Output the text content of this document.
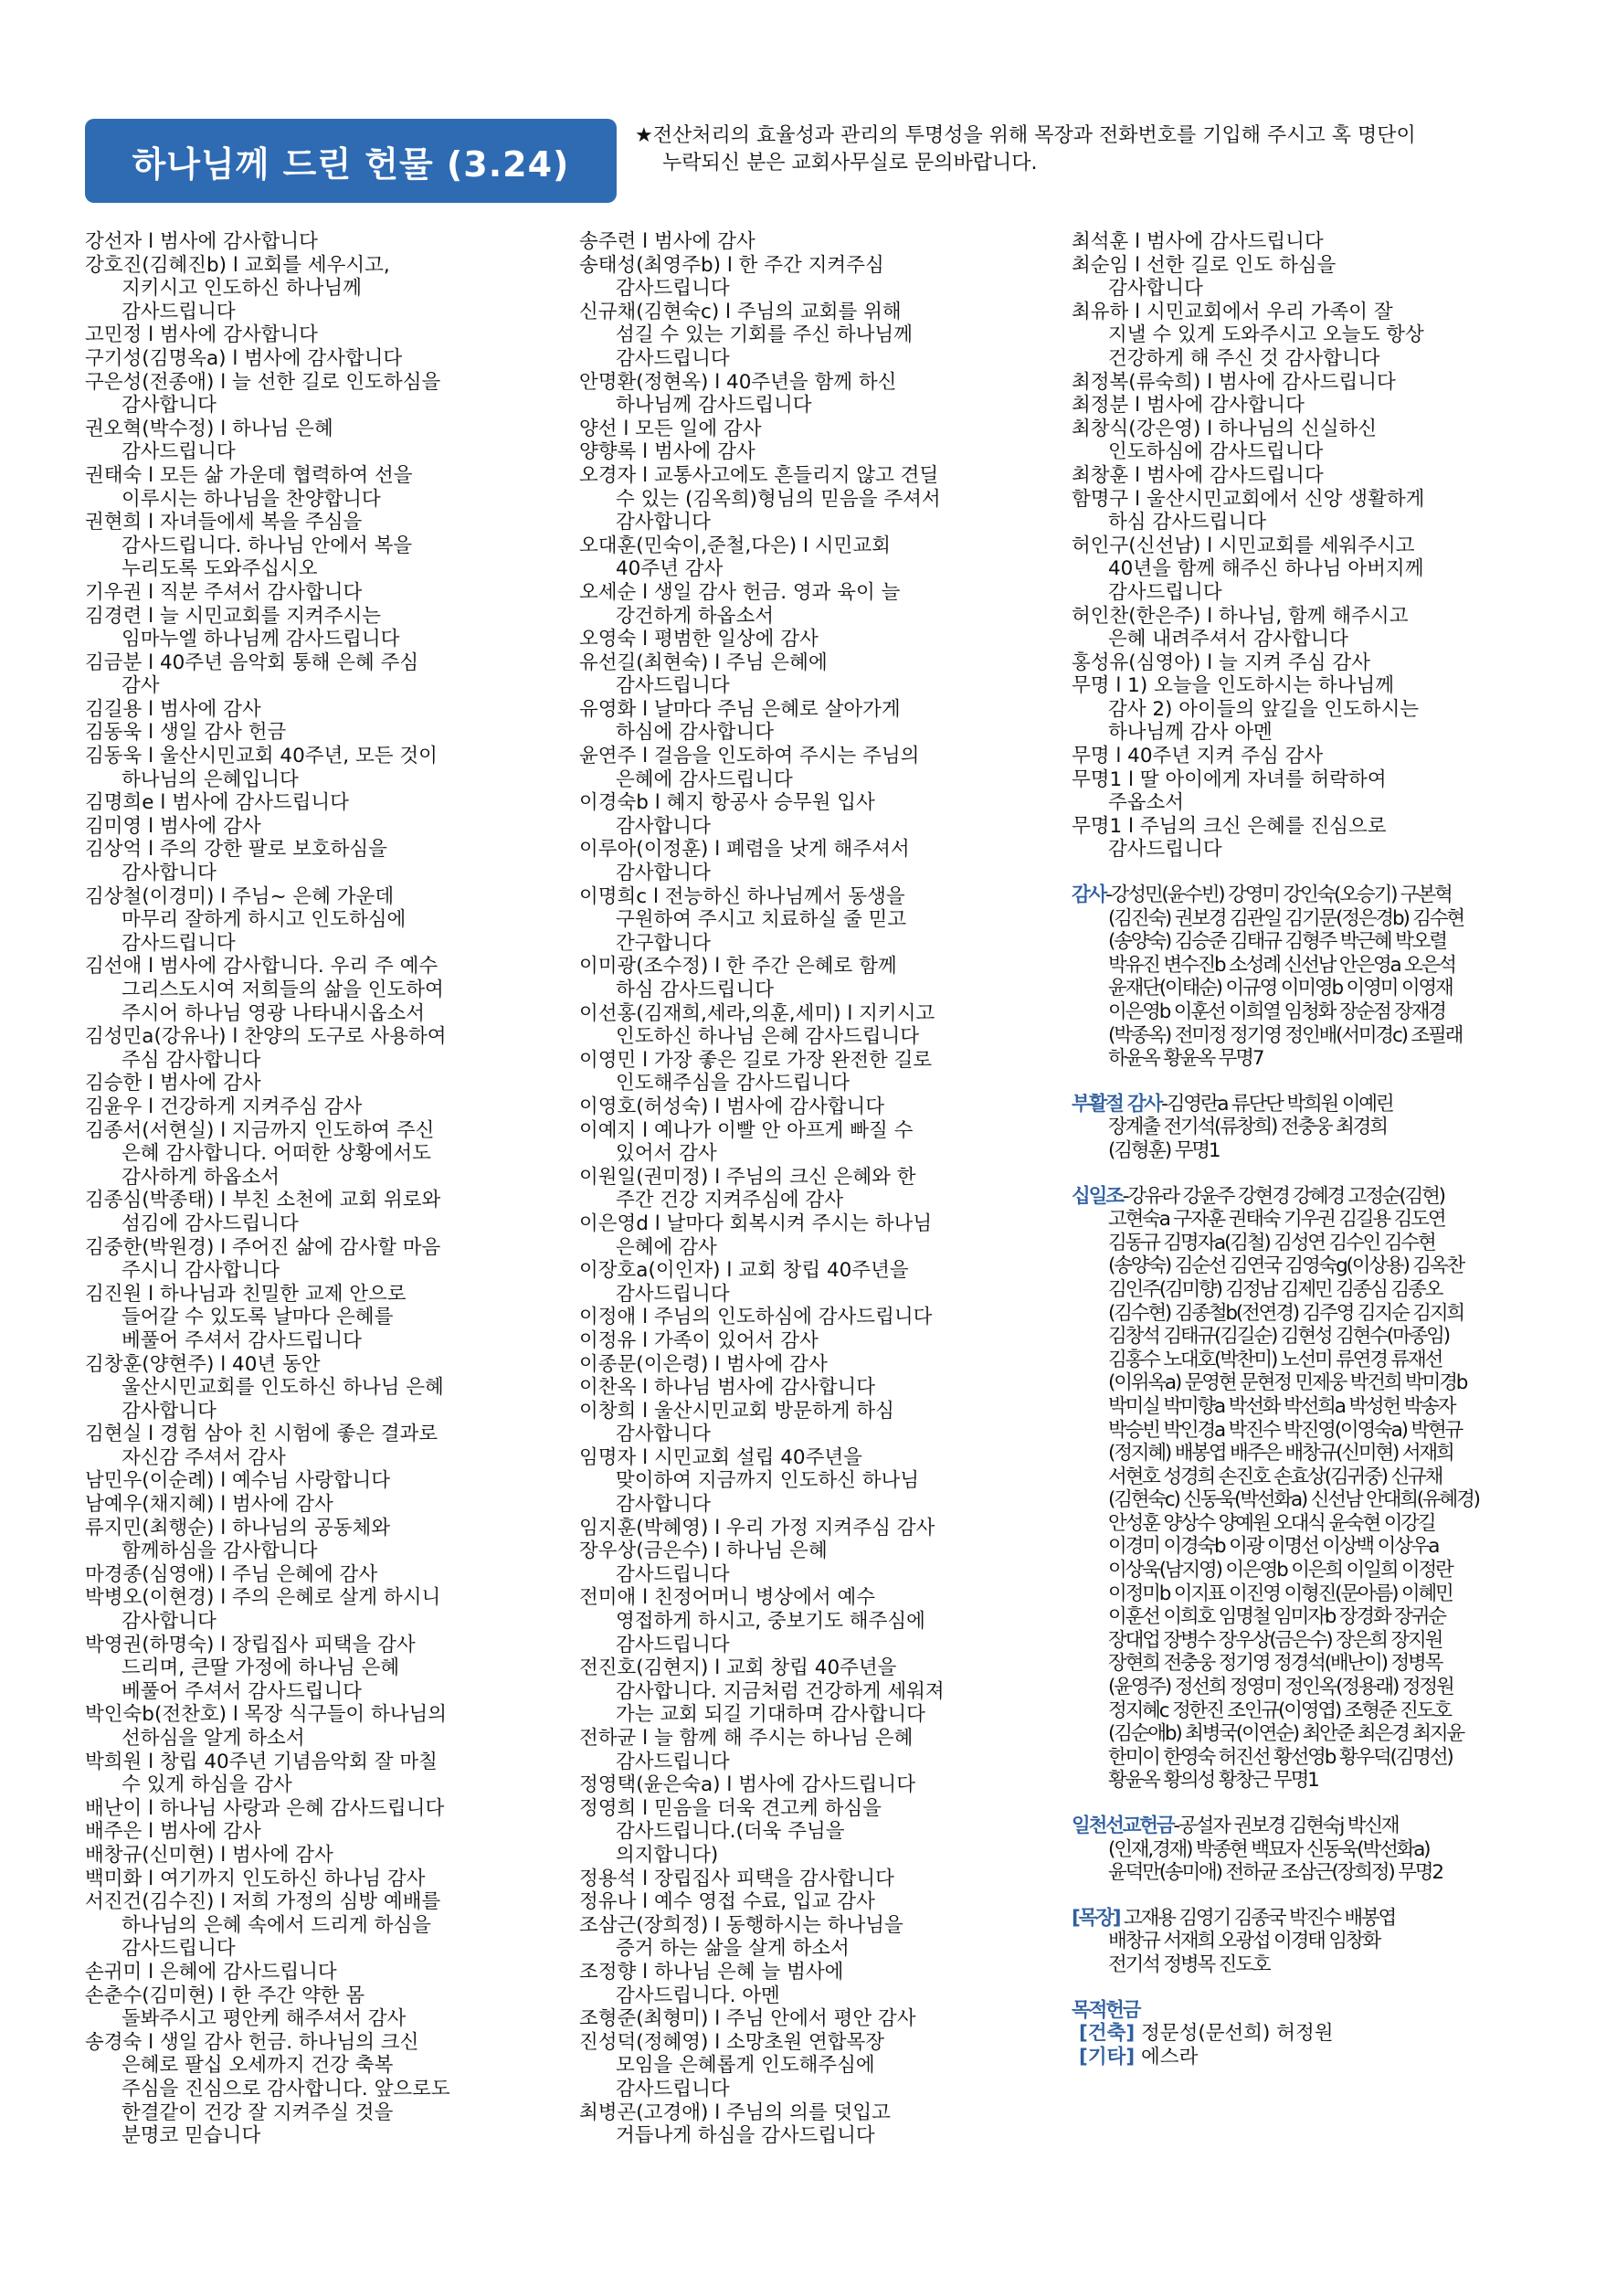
하나님께 드린 헌물 (3.24)
★전산처리의 효율성과 관리의 투명성을 위해 목장과 전화번호를 기입해 주시고 혹 명단이
누락되신 분은 교회사무실로 문의바랍니다.
강선자 l 범사에 감사합니다
강호진(김혜진b) l 교회를 세우시고,
지키시고 인도하신 하나님께
감사드립니다
고민정 l 범사에 감사합니다
구기성(김명옥a) l 범사에 감사합니다
구은성(전종애) l 늘 선한 길로 인도하심을
감사합니다
권오혁(박수정) l 하나님 은혜
감사드립니다
권태숙 l 모든 삶 가운데 협력하여 선을
이루시는 하나님을 찬양합니다
권현희 l 자녀들에세 복을 주심을
감사드립니다. 하나님 안에서 복을
누리도록 도와주십시오
기우권 l 직분 주셔서 감사합니다
김경련 l 늘 시민교회를 지켜주시는
임마누엘 하나님께 감사드립니다
김금분 l 40주년 음악회 통해 은혜 주심
감사
김길용 l 범사에 감사
김동욱 l 생일 감사 헌금
김동욱 l 울산시민교회 40주년, 모든 것이
하나님의 은혜입니다
김명희e l 범사에 감사드립니다
김미영 l 범사에 감사
김상억 l 주의 강한 팔로 보호하심을
감사합니다
김상철(이경미) l 주님~ 은혜 가운데
마무리 잘하게 하시고 인도하심에
감사드립니다
김선애 l 범사에 감사합니다. 우리 주 예수
그리스도시여 저희들의 삶을 인도하여
주시어 하나님 영광 나타내시옵소서
김성민a(강유나) l 찬양의 도구로 사용하여
주심 감사합니다
김승한 l 범사에 감사
김윤우 l 건강하게 지켜주심 감사
김종서(서현실) l 지금까지 인도하여 주신
은혜 감사합니다. 어떠한 상황에서도
감사하게 하옵소서
김종심(박종태) l 부친 소천에 교회 위로와
섬김에 감사드립니다
김중한(박원경) l 주어진 삶에 감사할 마음
주시니 감사합니다
김진원 l 하나님과 친밀한 교제 안으로
들어갈 수 있도록 날마다 은혜를
베풀어 주셔서 감사드립니다
김창훈(양현주) l 40년 동안
울산시민교회를 인도하신 하나님 은혜
감사합니다
김현실 l 경험 삼아 친 시험에 좋은 결과로
자신감 주셔서 감사
남민우(이순례) l 예수님 사랑합니다
남예우(채지혜) l 범사에 감사
류지민(최행순) l 하나님의 공동체와
함께하심을 감사합니다
마경종(심영애) l 주님 은혜에 감사
박병오(이현경) l 주의 은혜로 살게 하시니
감사합니다
박영권(하명숙) l 장립집사 피택을 감사
드리며, 큰딸 가정에 하나님 은혜
베풀어 주셔서 감사드립니다
박인숙b(전찬호) l 목장 식구들이 하나님의
선하심을 알게 하소서
박희원 l 창립 40주년 기념음악회 잘 마칠
수 있게 하심을 감사
배난이 l 하나님 사랑과 은혜 감사드립니다
배주은 l 범사에 감사
배창규(신미현) l 범사에 감사
백미화 l 여기까지 인도하신 하나님 감사
서진건(김수진) l 저희 가정의 심방 예배를
하나님의 은혜 속에서 드리게 하심을
감사드립니다
손귀미 l 은혜에 감사드립니다
손춘수(김미현) l 한 주간 약한 몸
돌봐주시고 평안케 해주셔서 감사
송경숙 l 생일 감사 헌금. 하나님의 크신
은혜로 팔십 오세까지 건강 축복
주심을 진심으로 감사합니다. 앞으로도
한결같이 건강 잘 지켜주실 것을
분명코 믿습니다
송주련 l 범사에 감사
송태성(최영주b) l 한 주간 지켜주심
감사드립니다
신규채(김현숙c) l 주님의 교회를 위해
섬길 수 있는 기회를 주신 하나님께
감사드립니다
안명환(정현옥) l 40주년을 함께 하신
하나님께 감사드립니다
양선 l 모든 일에 감사
양향록 l 범사에 감사
오경자 l 교통사고에도 흔들리지 않고 견딜
수 있는 (김옥희)형님의 믿음을 주셔서
감사합니다
오대훈(민숙이,준철,다은) l 시민교회
40주년 감사
오세순 l 생일 감사 헌금. 영과 육이 늘
강건하게 하옵소서
오영숙 l 평범한 일상에 감사
유선길(최현숙) l 주님 은혜에
감사드립니다
유영화 l 날마다 주님 은혜로 살아가게
하심에 감사합니다
윤연주 l 걸음을 인도하여 주시는 주님의
은혜에 감사드립니다
이경숙b l 혜지 항공사 승무원 입사
감사합니다
이루아(이정훈) l 폐렴을 낫게 해주셔서
감사합니다
이명희c l 전능하신 하나님께서 동생을
구원하여 주시고 치료하실 줄 믿고
간구합니다
이미광(조수정) l 한 주간 은혜로 함께
하심 감사드립니다
이선홍(김재희,세라,의훈,세미) l 지키시고
인도하신 하나님 은혜 감사드립니다
이영민 l 가장 좋은 길로 가장 완전한 길로
인도해주심을 감사드립니다
이영호(허성숙) l 범사에 감사합니다
이예지 l 예나가 이빨 안 아프게 빠질 수
있어서 감사
이원일(권미정) l 주님의 크신 은혜와 한
주간 건강 지켜주심에 감사
이은영d l 날마다 회복시켜 주시는 하나님
은혜에 감사
이장호a(이인자) l 교회 창립 40주년을
감사드립니다
이정애 l 주님의 인도하심에 감사드립니다
이정유 l 가족이 있어서 감사
이종문(이은령) l 범사에 감사
이찬옥 l 하나님 범사에 감사합니다
이창희 l 울산시민교회 방문하게 하심
감사합니다
임명자 l 시민교회 설립 40주년을
맞이하여 지금까지 인도하신 하나님
감사합니다
임지훈(박혜영) l 우리 가정 지켜주심 감사
장우상(금은수) l 하나님 은혜
감사드립니다
전미애 l 친정어머니 병상에서 예수
영접하게 하시고, 중보기도 해주심에
감사드립니다
전진호(김현지) l 교회 창립 40주년을
감사합니다. 지금처럼 건강하게 세워져
가는 교회 되길 기대하며 감사합니다
전하균 l 늘 함께 해 주시는 하나님 은혜
감사드립니다
정영택(윤은숙a) l 범사에 감사드립니다
정영희 l 믿음을 더욱 견고케 하심을
감사드립니다.(더욱 주님을
의지합니다)
정용석 l 장립집사 피택을 감사합니다
정유나 l 예수 영접 수료, 입교 감사
조삼근(장희정) l 동행하시는 하나님을
증거 하는 삶을 살게 하소서
조정향 l 하나님 은혜 늘 범사에
감사드립니다. 아멘
조형준(최형미) l 주님 안에서 평안 감사
진성덕(정혜영) l 소망초원 연합목장
모임을 은혜롭게 인도해주심에
감사드립니다
최병곤(고경애) l 주님의 의를 덧입고
거듭나게 하심을 감사드립니다
최석훈 l 범사에 감사드립니다
최순임 l 선한 길로 인도 하심을
감사합니다
최유하 l 시민교회에서 우리 가족이 잘
지낼 수 있게 도와주시고 오늘도 항상
건강하게 해 주신 것 감사합니다
최정복(류숙희) l 범사에 감사드립니다
최정분 l 범사에 감사합니다
최창식(강은영) l 하나님의 신실하신
인도하심에 감사드립니다
최창훈 l 범사에 감사드립니다
함명구 l 울산시민교회에서 신앙 생활하게
하심 감사드립니다
허인구(신선남) l 시민교회를 세워주시고
40년을 함께 해주신 하나님 아버지께
감사드립니다
허인찬(한은주) l 하나님, 함께 해주시고
은혜 내려주셔서 감사합니다
홍성유(심영아) l 늘 지켜 주심 감사
무명 l 1) 오늘을 인도하시는 하나님께
감사 2) 아이들의 앞길을 인도하시는
하나님께 감사 아멘
무명 l 40주년 지켜 주심 감사
무명1 l 딸 아이에게 자녀를 허락하여
주옵소서
무명1 l 주님의 크신 은혜를 진심으로
감사드립니다
감사-강성민(윤수빈) 강영미 강인숙(오승기) 구본혁
(김진숙) 권보경 김관일 김기문(정은경b) 김수현
(송양숙) 김승준 김태규 김형주 박근혜 박오렬
박유진 변수진b 소성례 신선남 안은영a 오은석
윤재단(이태순) 이규영 이미영b 이영미 이영재
이은영b 이훈선 이희열 임청화 장순점 장재경
(박종옥) 전미정 정기영 정인배(서미경c) 조필래
하윤옥 황윤옥 무명7
부활절 감사-김영란a 류단단 박희원 이예린
장계출 전기석(류창희) 전충웅 최경희
(김형훈) 무명1
십일조-강유라 강윤주 강현경 강혜경 고정순(김현)
고현숙a 구자훈 권태숙 기우권 김길용 김도연
김동규 김명자a(김철) 김성연 김수인 김수현
(송양숙) 김순선 김연국 김영숙g(이상용) 김옥찬
김인주(김미향) 김정남 김제민 김종심 김종오
(김수현) 김종철b(전연경) 김주영 김지순 김지희
김창석 김태규(김길순) 김현성 김현수(마종임)
김홍수 노대호(박찬미) 노선미 류연경 류재선
(이위옥a) 문영현 문현정 민제웅 박건희 박미경b
박미실 박미향a 박선화 박선희a 박성헌 박송자
박승빈 박인경a 박진수 박진영(이영숙a) 박현규
(정지혜) 배봉엽 배주은 배창규(신미현) 서재희
서현호 성경희 손진호 손효상(김귀중) 신규채
(김현숙c) 신동욱(박선화a) 신선남 안대희(유혜경)
안성훈 양상수 양예원 오대식 윤숙현 이강길
이경미 이경숙b 이광 이명선 이상백 이상우a
이상욱(남지영) 이은영b 이은희 이일희 이정란
이정미b 이지표 이진영 이형진(문아름) 이혜민
이훈선 이희호 임명철 임미자b 장경화 장귀순
장대업 장병수 장우상(금은수) 장은희 장지원
장현희 전충웅 정기영 정경석(배난이) 정병목
(윤영주) 정선희 정영미 정인옥(정용래) 정정원
정지혜c 정한진 조인규(이영엽) 조형준 진도호
(김순애b) 최병국(이연순) 최안준 최은경 최지윤
한미이 한영숙 허진선 황선영b 황우덕(김명선)
황윤옥 황의성 황창근 무명1
일천선교헌금-공설자 권보경 김현숙j 박신재
(인재,경재) 박종현 백묘자 신동욱(박선화a)
윤덕만(송미애) 전하균 조삼근(장희정) 무명2
[목장] 고재용 김영기 김종국 박진수 배봉엽
배창규 서재희 오광섭 이경태 임창화
전기석 정병목 진도호
목적헌금
[건축] 정문성(문선희) 허정원
[기타] 에스라
